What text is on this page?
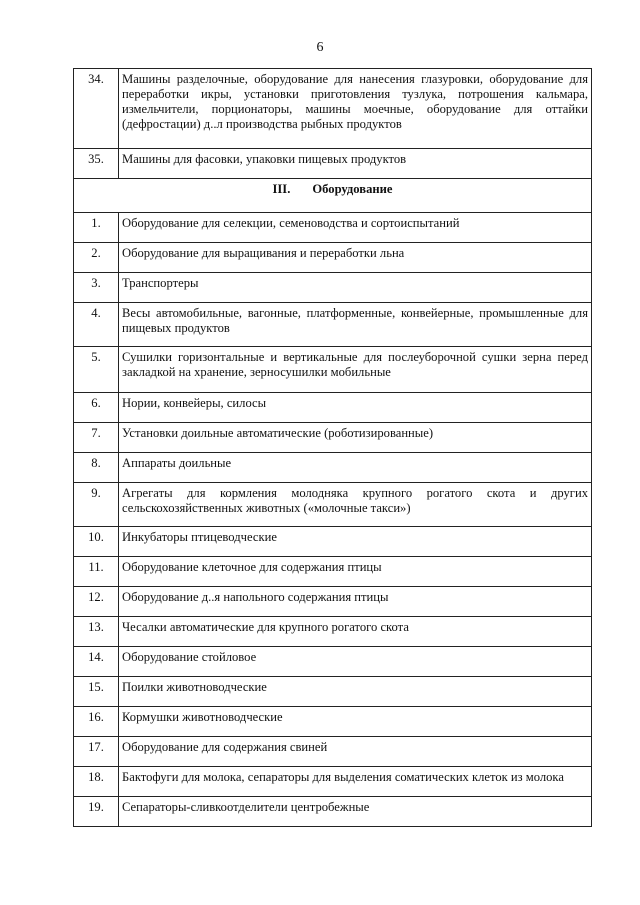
6
34.	Машины разделочные, оборудование для нанесения глазуровки, оборудование для переработки икры, установки приготовления тузлука, потрошения кальмара, измельчители, порционаторы, машины моечные, оборудование для оттайки (дефростации) д..л производства рыбных продуктов
35.	Машины для фасовки, упаковки пищевых продуктов
III. Оборудование	
1.	Оборудование для селекции, семеноводства и сортоиспытаний
2.	Оборудование для выращивания и переработки льна
3.	Транспортеры
4.	Весы автомобильные, вагонные, платформенные, конвейерные, промышленные для пищевых продуктов
5.	Сушилки горизонтальные и вертикальные для послеуборочной сушки зерна перед закладкой на хранение, зерносушилки мобильные
6.	Нории, конвейеры, силосы
7.	Установки доильные автоматические (роботизированные)
8.	Аппараты доильные
9.	Агрегаты для кормления молодняка крупного рогатого скота и других сельскохозяйственных животных («молочные такси»)
10.	Инкубаторы птицеводческие
11.	Оборудование клеточное для содержания птицы
12.	Оборудование д..я напольного содержания птицы
13.	Чесалки автоматические для крупного рогатого скота
14.	Оборудование стойловое
15.	Поилки животноводческие
16.	Кормушки животноводческие
17.	Оборудование для содержания свиней
18.	Бактофуги для молока, сепараторы для выделения соматических клеток из молока
19.	Сепараторы-сливкоотделители центробежные
